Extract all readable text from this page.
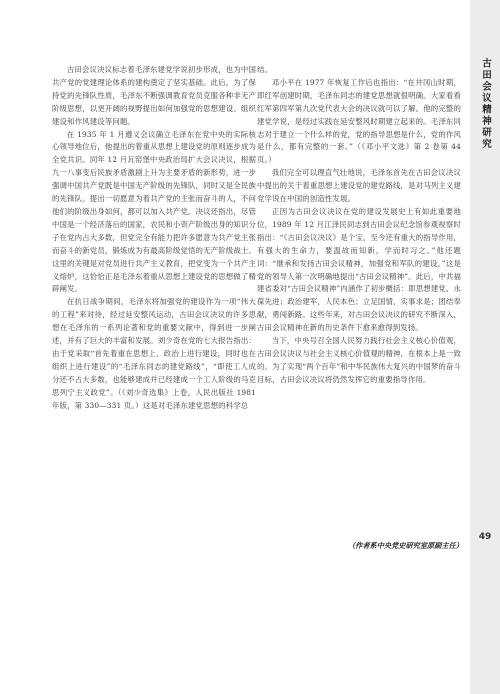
古田会议决议标志着毛泽东建党学说初步形成，也为中国共产党的党建理论体系的建构奠定了坚实基础。此后，为了保持党的先锋队性质，毛泽东不断强调教育党员克服各种非无产阶级思想，以更开阔的视野提出如何加强党的思想建设、组织建设和作风建设等问题。

在 1935 年 1 月遵义会议确立毛泽东在党中央的实际核心领导地位后，他提出的着重从思想上建设党的原则逐步成为全党共识。同年 12 月瓦窑堡中央政治局扩大会议决议，根据九一八事变后民族矛盾激剧上升为主要矛盾的新形势，进一步强调中国共产党既是中国无产阶级的先锋队，同时又是全民族的先锋队。提出一切愿意为着共产党的主张而奋斗的人，不问他们的阶级出身如何，都可以加入共产党。决议还指出，尽管中国是一个经济落后的国家，农民和小资产阶级出身的知识分子在党内占大多数，但党完全有能力把许多愿意为共产党主张而奋斗的新党员，锻炼成为有最高阶级觉悟的无产阶级战士。这里的关键是对党员进行共产主义教育，把党变为一个共产主义熔炉，这恰恰正是毛泽东着重从思想上建设党的思想做了精辟阐发。

在抗日战争期间，毛泽东将加强党的建设作为一项“伟大的工程”来对待，经过延安整风运动，古田会议决议的许多思想在毛泽东的一系列论著和党的重要文献中，得到进一步阐述，并有了巨大的丰富和发展。刘少奇在党的七大报告指出：由于党采取“首先着重在思想上、政治上进行建设，同时也在组织上进行建设”的“毛泽东同志的建党路线”，“即使工人成分还不占大多数，也能够建成并已经建成一个工人阶级的马克思列宁主义政党”。（《刘少奇选集》上卷，人民出版社 1981 年版，第 330—331 页。）这是对毛泽东建党思想的科学总

结。

邓小平在 1977 年恢复工作后也指出：“在井冈山时期，即红军创建时期，毛泽东同志的建党思想就很明确。大家看看红军第四军第九次党代表大会的决议就可以了解。他的完整的建党学说，是经过实践在延安整风时期建立起来的。毛泽东同志对于建立一个什么样的党，党的指导思想是什么，党的作风是什么，都有完整的一套。”（《邓小平文选》第 2 卷第 44 页。）

我们完全可以理直气壮地说，毛泽东首先在古田会议决议中提出的关于着重思想上建设党的建党路线，是对马列主义建党学说在中国的创造性发展。

正因为古田会议决议在党的建设发展史上有如此重要地位，1989 年 12 月江泽民同志到古田会议纪念馆参观视察时指出：“《古田会议决议》是个宝，至今还有重大的指导作用，有强大的生命力，要温故而知新，学而时习之。”他还题词：“继承和发扬古田会议精神，加强党和军队的建设。”这是党的领导人第一次明确地提出“古田会议精神”。此后，中共福建省委对“古田会议精神”内涵作了初步概括：即思想建党、永葆先进；政治建军，人民本色；立足国情，实事求是；团结奉献，勇闯新路。这些年来，对古田会议决议的研究不断深入，古田会议精神在新的历史条件下愈来愈得到发扬。

当下，中央号召全国人民努力践行社会主义核心价值观，古田会议决议与社会主义核心价值观的精神，在根本上是一致的。为了实现“两个百年”和中华民族伟大复兴的中国梦的奋斗目标，古田会议决议将仍然发挥它的重要指导作用。

古田会议精神研究
49
（作者系中央党史研究室原副主任）
